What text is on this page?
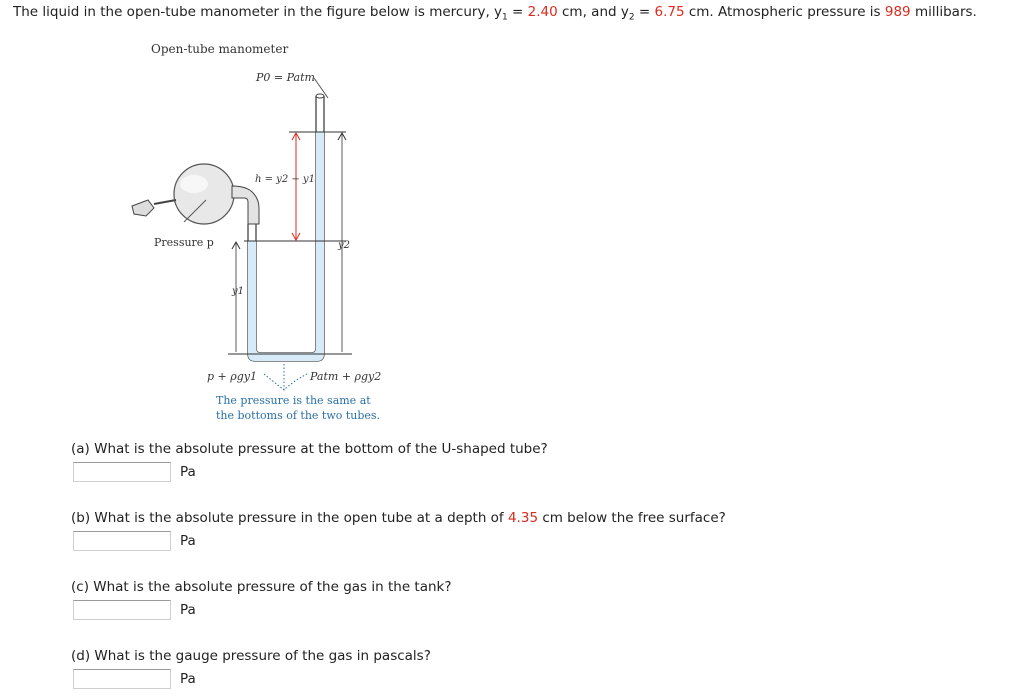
The liquid in the open-tube manometer in the figure below is mercury, $y_1 = 2.40$ cm, and $y_2 = 6.75$ cm. Atmospheric pressure is 989 millibars.
Open-tube manometer
P0 = Patm
h = y2 − y1
y2
y1
Pressure p
p + ρgy1	Patm + ρgy2
The pressure is the same at
the bottoms of the two tubes.
(a) What is the absolute pressure at the bottom of the U-shaped tube?
Pa
(b) What is the absolute pressure in the open tube at a depth of 4.35 cm below the free surface?
Pa
(c) What is the absolute pressure of the gas in the tank?
Pa
(d) What is the gauge pressure of the gas in pascals?
Pa
